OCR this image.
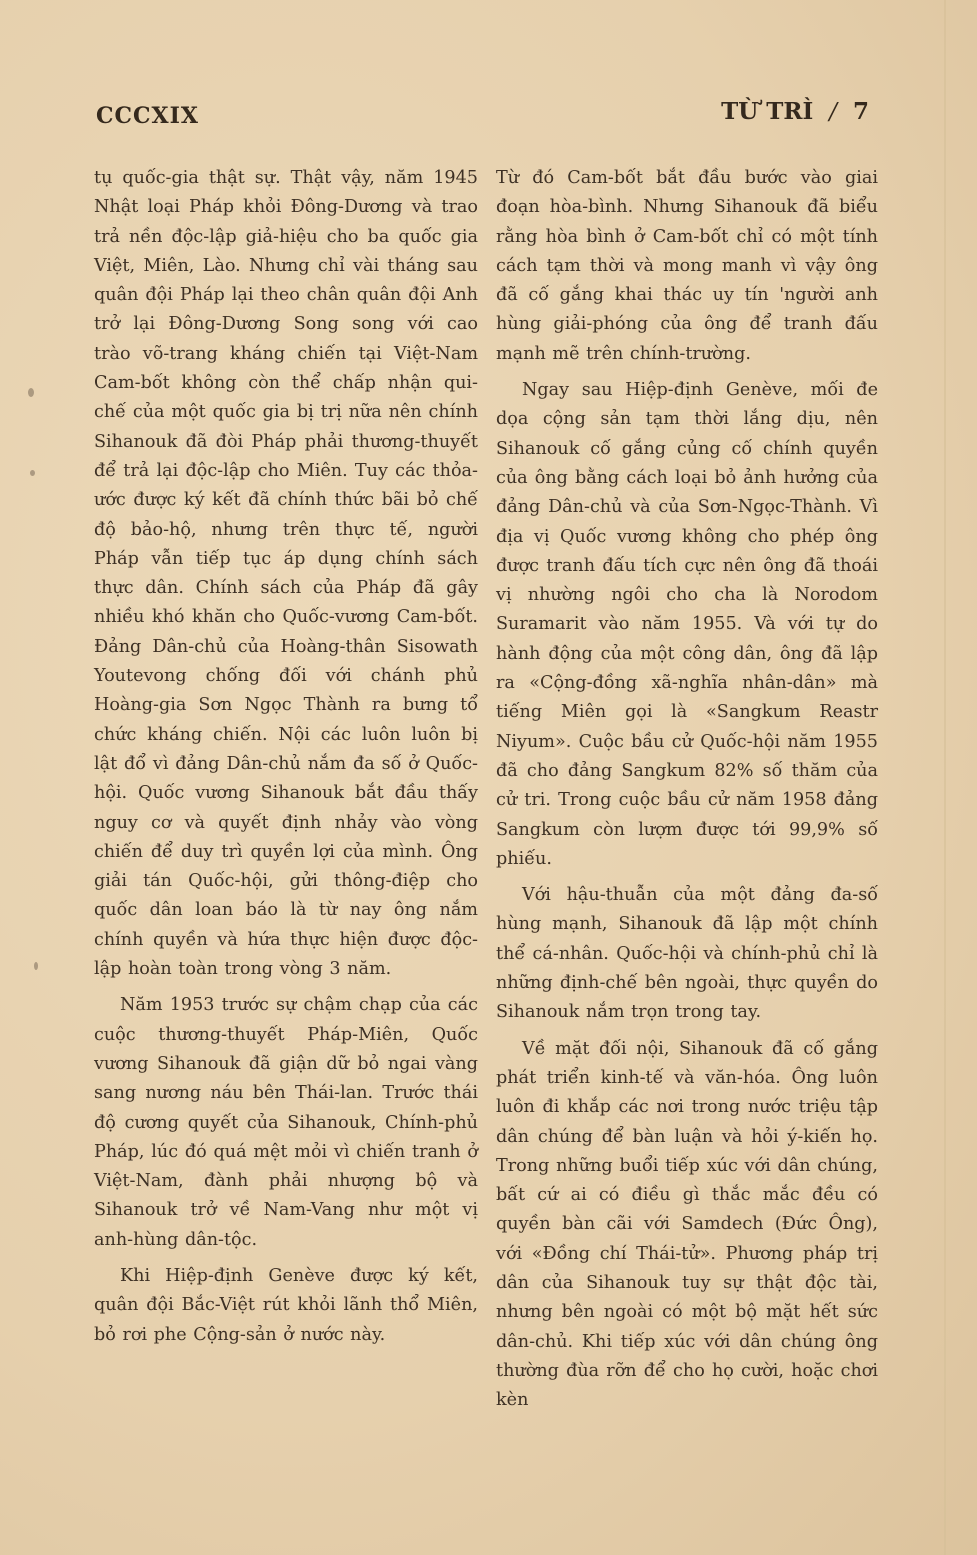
CCCXIX	TỪ TRÌ / 7

tụ quốc-gia thật sự. Thật vậy, năm 1945 Nhật loại Pháp khỏi Đông-Dương và trao trả nền độc-lập giả-hiệu cho ba quốc gia Việt, Miên, Lào. Nhưng chỉ vài tháng sau quân đội Pháp lại theo chân quân đội Anh trở lại Đông-Dương Song song với cao trào võ-trang kháng chiến tại Việt-Nam Cam-bốt không còn thể chấp nhận qui-chế của một quốc gia bị trị nữa nên chính Sihanouk đã đòi Pháp phải thương-thuyết để trả lại độc-lập cho Miên. Tuy các thỏa-ước được ký kết đã chính thức bãi bỏ chế độ bảo-hộ, nhưng trên thực tế, người Pháp vẫn tiếp tục áp dụng chính sách thực dân. Chính sách của Pháp đã gây nhiều khó khăn cho Quốc-vương Cam-bốt. Đảng Dân-chủ của Hoàng-thân Sisowath Youtevong chống đối với chánh phủ Hoàng-gia Sơn Ngọc Thành ra bưng tổ chức kháng chiến. Nội các luôn luôn bị lật đổ vì đảng Dân-chủ nắm đa số ở Quốc-hội. Quốc vương Sihanouk bắt đầu thấy nguy cơ và quyết định nhảy vào vòng chiến để duy trì quyền lợi của mình. Ông giải tán Quốc-hội, gửi thông-điệp cho quốc dân loan báo là từ nay ông nắm chính quyền và hứa thực hiện được độc-lập hoàn toàn trong vòng 3 năm.

Năm 1953 trước sự chậm chạp của các cuộc thương-thuyết Pháp-Miên, Quốc vương Sihanouk đã giận dữ bỏ ngai vàng sang nương náu bên Thái-lan. Trước thái độ cương quyết của Sihanouk, Chính-phủ Pháp, lúc đó quá mệt mỏi vì chiến tranh ở Việt-Nam, đành phải nhượng bộ và Sihanouk trở về Nam-Vang như một vị anh-hùng dân-tộc.

Khi Hiệp-định Genève được ký kết, quân đội Bắc-Việt rút khỏi lãnh thổ Miên, bỏ rơi phe Cộng-sản ở nước này.

Từ đó Cam-bốt bắt đầu bước vào giai đoạn hòa-bình. Nhưng Sihanouk đã biểu rằng hòa bình ở Cam-bốt chỉ có một tính cách tạm thời và mong manh vì vậy ông đã cố gắng khai thác uy tín 'người anh hùng giải-phóng của ông để tranh đấu mạnh mẽ trên chính-trường.

Ngay sau Hiệp-định Genève, mối đe dọa cộng sản tạm thời lắng dịu, nên Sihanouk cố gắng củng cố chính quyền của ông bằng cách loại bỏ ảnh hưởng của đảng Dân-chủ và của Sơn-Ngọc-Thành. Vì địa vị Quốc vương không cho phép ông được tranh đấu tích cực nên ông đã thoái vị nhường ngôi cho cha là Norodom Suramarit vào năm 1955. Và với tự do hành động của một công dân, ông đã lập ra «Cộng-đồng xã-nghĩa nhân-dân» mà tiếng Miên gọi là «Sangkum Reastr Niyum». Cuộc bầu cử Quốc-hội năm 1955 đã cho đảng Sangkum 82% số thăm của cử tri. Trong cuộc bầu cử năm 1958 đảng Sangkum còn lượm được tới 99,9% số phiếu.

Với hậu-thuẫn của một đảng đa-số hùng mạnh, Sihanouk đã lập một chính thể cá-nhân. Quốc-hội và chính-phủ chỉ là những định-chế bên ngoài, thực quyền do Sihanouk nắm trọn trong tay.

Về mặt đối nội, Sihanouk đã cố gắng phát triển kinh-tế và văn-hóa. Ông luôn luôn đi khắp các nơi trong nước triệu tập dân chúng để bàn luận và hỏi ý-kiến họ. Trong những buổi tiếp xúc với dân chúng, bất cứ ai có điều gì thắc mắc đều có quyền bàn cãi với Samdech (Đức Ông), với «Đồng chí Thái-tử». Phương pháp trị dân của Sihanouk tuy sự thật độc tài, nhưng bên ngoài có một bộ mặt hết sức dân-chủ. Khi tiếp xúc với dân chúng ông thường đùa rỡn để cho họ cười, hoặc chơi kèn
